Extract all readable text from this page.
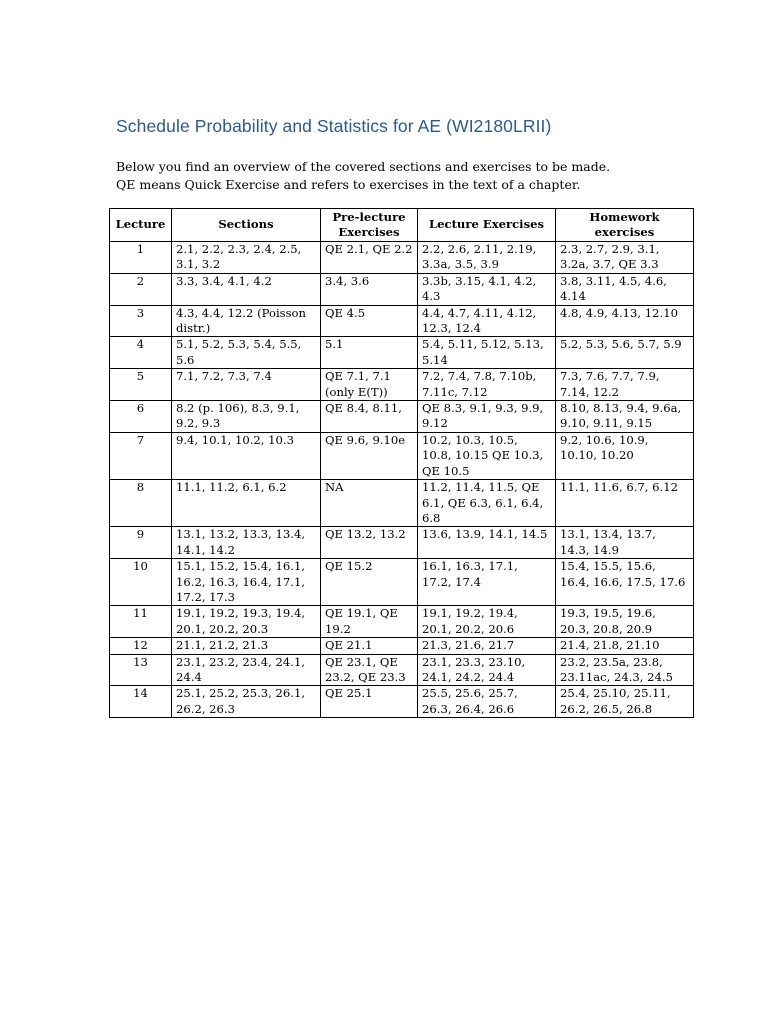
Schedule Probability and Statistics for AE (WI2180LRII)

Below you find an overview of the covered sections and exercises to be made.

QE means Quick Exercise and refers to exercises in the text of a chapter.

Lecture	Sections	Pre-lecture Exercises	Lecture Exercises	Homework exercises
1	2.1, 2.2, 2.3, 2.4, 2.5, 3.1, 3.2	QE 2.1, QE 2.2	2.2, 2.6, 2.11, 2.19, 3.3a, 3.5, 3.9	2.3, 2.7, 2.9, 3.1, 3.2a, 3.7, QE 3.3
2	3.3, 3.4, 4.1, 4.2	3.4, 3.6	3.3b, 3.15, 4.1, 4.2, 4.3	3.8, 3.11, 4.5, 4.6, 4.14
3	4.3, 4.4, 12.2 (Poisson distr.)	QE 4.5	4.4, 4.7, 4.11, 4.12, 12.3, 12.4	4.8, 4.9, 4.13, 12.10
4	5.1, 5.2, 5.3, 5.4, 5.5, 5.6	5.1	5.4, 5.11, 5.12, 5.13, 5.14	5.2, 5.3, 5.6, 5.7, 5.9
5	7.1, 7.2, 7.3, 7.4	QE 7.1, 7.1 (only E(T))	7.2, 7.4, 7.8, 7.10b, 7.11c, 7.12	7.3, 7.6, 7.7, 7.9, 7.14, 12.2
6	8.2 (p. 106), 8.3, 9.1, 9.2, 9.3	QE 8.4, 8.11,	QE 8.3, 9.1, 9.3, 9.9, 9.12	8.10, 8.13, 9.4, 9.6a, 9.10, 9.11, 9.15
7	9.4, 10.1, 10.2, 10.3	QE 9.6, 9.10e	10.2, 10.3, 10.5, 10.8, 10.15 QE 10.3, QE 10.5	9.2, 10.6, 10.9, 10.10, 10.20
8	11.1, 11.2, 6.1, 6.2	NA	11.2, 11.4, 11.5, QE 6.1, QE 6.3, 6.1, 6.4, 6.8	11.1, 11.6, 6.7, 6.12
9	13.1, 13.2, 13.3, 13.4, 14.1, 14.2	QE 13.2, 13.2	13.6, 13.9, 14.1, 14.5	13.1, 13.4, 13.7, 14.3, 14.9
10	15.1, 15.2, 15.4, 16.1, 16.2, 16.3, 16.4, 17.1, 17.2, 17.3	QE 15.2	16.1, 16.3, 17.1, 17.2, 17.4	15.4, 15.5, 15.6, 16.4, 16.6, 17.5, 17.6
11	19.1, 19.2, 19.3, 19.4, 20.1, 20.2, 20.3	QE 19.1, QE 19.2	19.1, 19.2, 19.4, 20.1, 20.2, 20.6	19.3, 19.5, 19.6, 20.3, 20.8, 20.9
12	21.1, 21.2, 21.3	QE 21.1	21.3, 21.6, 21.7	21.4, 21.8, 21.10
13	23.1, 23.2, 23.4, 24.1, 24.4	QE 23.1, QE 23.2, QE 23.3	23.1, 23.3, 23.10, 24.1, 24.2, 24.4	23.2, 23.5a, 23.8, 23.11ac, 24.3, 24.5
14	25.1, 25.2, 25.3, 26.1, 26.2, 26.3	QE 25.1	25.5, 25.6, 25.7, 26.3, 26.4, 26.6	25.4, 25.10, 25.11, 26.2, 26.5, 26.8
